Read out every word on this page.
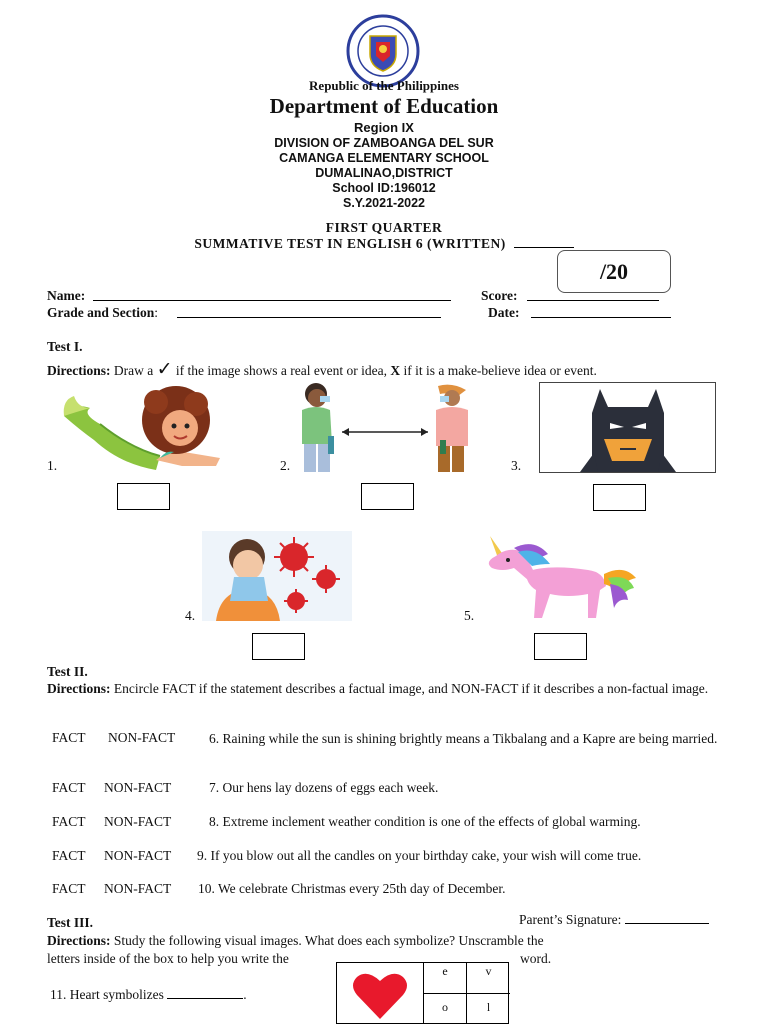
Republic of the Philippines
Department of Education
Region IX
DIVISION OF ZAMBOANGA DEL SUR
CAMANGA ELEMENTARY SCHOOL
DUMALINAO,DISTRICT
School ID:196012
S.Y.2021-2022
FIRST QUARTER
SUMMATIVE TEST IN ENGLISH 6 (WRITTEN)
/20
Name:	Score:
Grade and Section:	Date:
Test I.
Directions: Draw a ✓ if the image shows a real event or idea, X if it is a make-believe idea or event.
1.	2.	3.
4.	5.
Test II.
Directions: Encircle FACT if the statement describes a factual image, and NON-FACT if it describes a non-factual image.
FACT NON-FACT	6. Raining while the sun is shining brightly means a Tikbalang and a Kapre are being married.
FACT NON-FACT	7. Our hens lay dozens of eggs each week.
FACT NON-FACT	8. Extreme inclement weather condition is one of the effects of global warming.
FACT NON-FACT 9. If you blow out all the candles on your birthday cake, your wish will come true.
FACT NON-FACT 10. We celebrate Christmas every 25th day of December.
Test III.	Parent’s Signature:
Directions: Study the following visual images. What does each symbolize? Unscramble the
letters inside of the box to help you write the	word.
11. Heart symbolizes	.
e	v
o	l
